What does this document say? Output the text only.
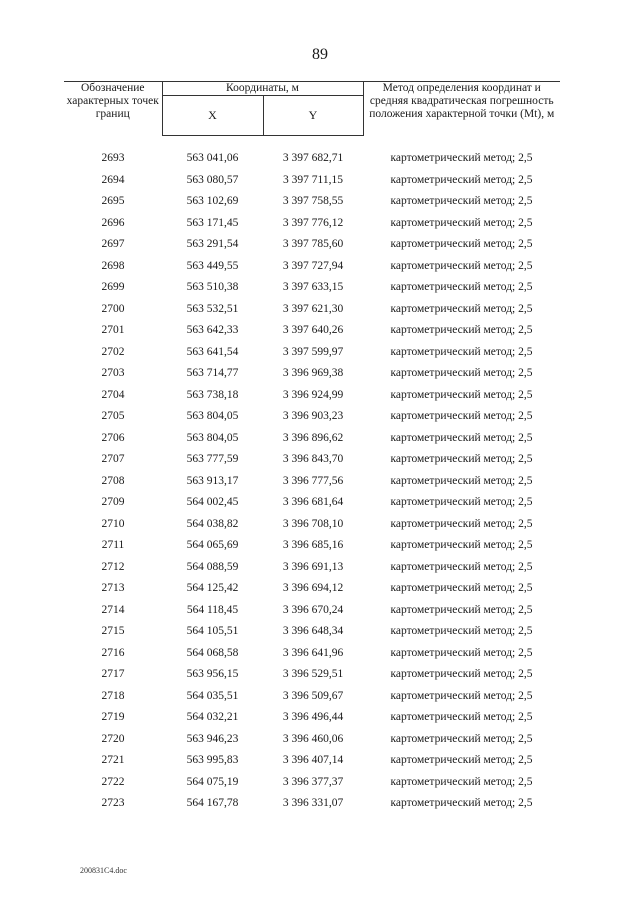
89
Обозначение характерных точек границ	Координаты, м		Метод определения координат и средняя квадратическая погрешность положения характерной точки (Mt), м
	X	Y	

2693	563 041,06	3 397 682,71	картометрический метод; 2,5
2694	563 080,57	3 397 711,15	картометрический метод; 2,5
2695	563 102,69	3 397 758,55	картометрический метод; 2,5
2696	563 171,45	3 397 776,12	картометрический метод; 2,5
2697	563 291,54	3 397 785,60	картометрический метод; 2,5
2698	563 449,55	3 397 727,94	картометрический метод; 2,5
2699	563 510,38	3 397 633,15	картометрический метод; 2,5
2700	563 532,51	3 397 621,30	картометрический метод; 2,5
2701	563 642,33	3 397 640,26	картометрический метод; 2,5
2702	563 641,54	3 397 599,97	картометрический метод; 2,5
2703	563 714,77	3 396 969,38	картометрический метод; 2,5
2704	563 738,18	3 396 924,99	картометрический метод; 2,5
2705	563 804,05	3 396 903,23	картометрический метод; 2,5
2706	563 804,05	3 396 896,62	картометрический метод; 2,5
2707	563 777,59	3 396 843,70	картометрический метод; 2,5
2708	563 913,17	3 396 777,56	картометрический метод; 2,5
2709	564 002,45	3 396 681,64	картометрический метод; 2,5
2710	564 038,82	3 396 708,10	картометрический метод; 2,5
2711	564 065,69	3 396 685,16	картометрический метод; 2,5
2712	564 088,59	3 396 691,13	картометрический метод; 2,5
2713	564 125,42	3 396 694,12	картометрический метод; 2,5
2714	564 118,45	3 396 670,24	картометрический метод; 2,5
2715	564 105,51	3 396 648,34	картометрический метод; 2,5
2716	564 068,58	3 396 641,96	картометрический метод; 2,5
2717	563 956,15	3 396 529,51	картометрический метод; 2,5
2718	564 035,51	3 396 509,67	картометрический метод; 2,5
2719	564 032,21	3 396 496,44	картометрический метод; 2,5
2720	563 946,23	3 396 460,06	картометрический метод; 2,5
2721	563 995,83	3 396 407,14	картометрический метод; 2,5
2722	564 075,19	3 396 377,37	картометрический метод; 2,5
2723	564 167,78	3 396 331,07	картометрический метод; 2,5
200831C4.doc
